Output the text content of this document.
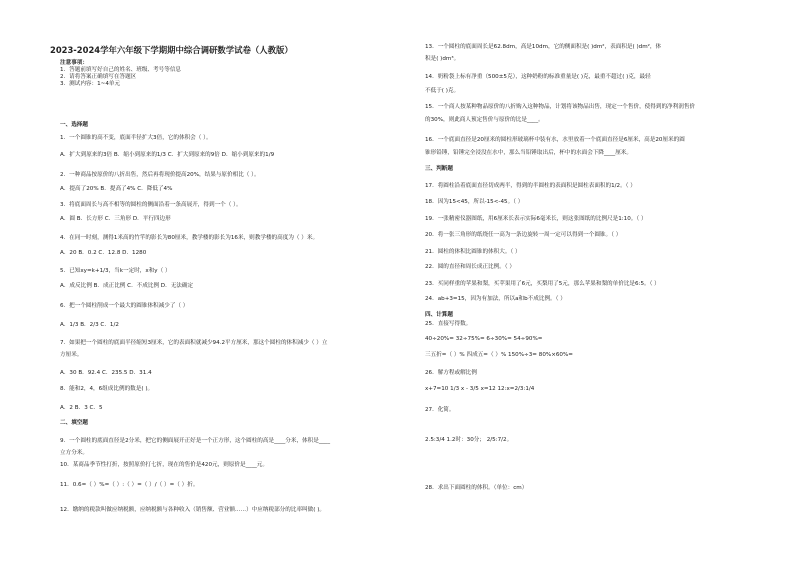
2023-2024学年六年级下学期期中综合调研数学试卷（人教版）
注意事项：
1．答题前填写好自己的姓名、班级、考号等信息
2．请将答案正确填写在答题区
3．测试内容：1~4单元
一、选择题
1．一个圆锥的高不变，底面半径扩大3倍，它的体积会（ ）。
A．扩大到原来的3倍 B．缩小到原来的1/3 C．扩大到原来的9倍 D．缩小到原来的1/9
2．一种商品按原价的八折出售，然后再将现价提高20%，结果与原价相比（ ）。
A．提高了20% B．提高了4% C．降低了4%
3．将底面周长与高不相等的圆柱的侧面沿着一条高展开，得到一个（ ）。
A．圆 B．长方形 C．三角形 D．平行四边形
4．在同一时刻，测得1米高的竹竿的影长为80厘米，教学楼的影长为16米，则教学楼的高度为（ ）米。
A．20 B．0.2 C．12.8 D．1280
5．已知xy=k+1/3，当k一定时，x和y（ ）
A．成反比例 B．成正比例 C．不成比例 D．无法确定
6．把一个圆柱削成一个最大的圆锥体积减少了（ ）
A．1/3 B．2/3 C．1/2
7．如果把一个圆柱的底面半径缩短3厘米，它的表面积就减少94.2平方厘米，那这个圆柱的体积减少（ ）立
方厘米。
A．30 B．92.4 C．235.5 D．31.4
8．能和2，4，6组成比例的数是( )。
A．2 B．3 C．5
二、填空题
9．一个圆柱的底面直径是2分米，把它的侧面展开正好是一个正方形，这个圆柱的高是____分米，体积是____
立方分米。
10．某商品季节性打折，按照原价打七折，现在的售价是420元，则原价是____元。
11．0.6=（ ）%=（ ）:（ ）=（ ）/（ ）=（ ）折。
12．缴纳的税款叫做应纳税额，应纳税额与各种收入（销售额、营业额……）中应纳税部分的比率叫做( )。
13．一个圆柱的底面周长是62.8dm，高是10dm，它的侧面积是( )dm²，表面积是( )dm²，体
积是( )dm³。
14．奶粉袋上标有净重（500±5克），这种奶粉的标准重量是( )克，最重不超过( )克，最轻
不低于( )克。
15．一个商人按某种物品原价的八折购入这种物品，计划将该物品出售，现定一个售价，使得到的净利润售价
的30%，则此商人预定售价与原价的比是____。
16．一个底面直径是20厘米的圆柱形玻璃杯中装有水，水里放着一个底面直径是6厘米，高是20厘米的圆
锥形铅锤，铅锤完全浸没在水中，那么当铅锤取出后，杯中的水面会下降____厘米。
三、判断题
17．将圆柱沿着底面直径切成两半，得到的半圆柱的表面积是圆柱表面积的1/2。（ ）
18．因为15<45，所以-15<-45。（ ）
19．一张精密仪器图纸，用6厘米长表示实际6毫米长，则这张图纸的比例尺是1:10。（ ）
20．将一张三角形的纸绕任一高为一条边旋转一周一定可以得到一个圆锥。（ ）
21．圆柱的体积比圆锥的体积大。（ ）
22．圆的直径和周长成正比例。（ ）
23．买同样重的苹果和梨，买苹果用了6元，买梨用了5元，那么苹果和梨的单价比是6:5。（ ）
24．ab+3=15，因为有加法，所以a和b不成比例。（ ）
四、计算题
25．直接写得数。
40÷20%= 32÷75%= 6÷30%= 54÷90%=
三五折=（ ）% 四成五=（ ）% 150%÷3= 80%×60%=
26．解方程或解比例
x+7=10 1/3 x - 3/5 x=12 12:x=2/3:1/4
27．化简。
2.5:3/4 1.2时：30分； 2/5:7/2。
28．求出下面圆柱的体积。（单位：cm）
